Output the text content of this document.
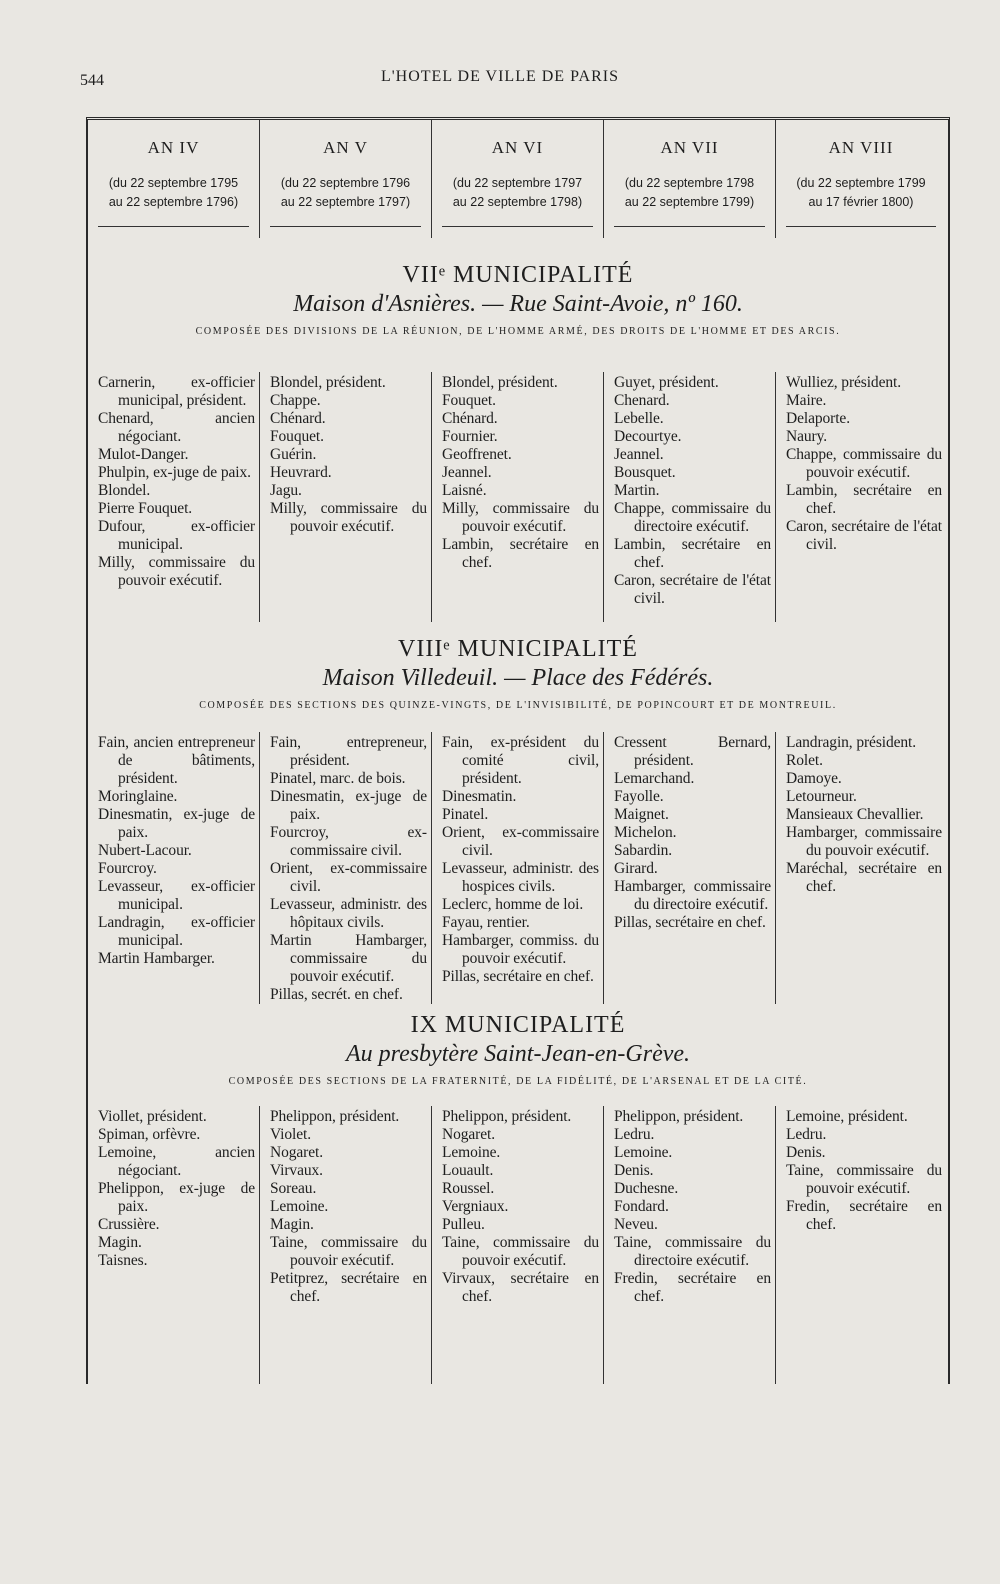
544	L'HOTEL DE VILLE DE PARIS
AN IV
(du 22 septembre 1795
au 22 septembre 1796)
AN V
(du 22 septembre 1796
au 22 septembre 1797)
AN VI
(du 22 septembre 1797
au 22 septembre 1798)
AN VII
(du 22 septembre 1798
au 22 septembre 1799)
AN VIII
(du 22 septembre 1799
au 17 février 1800)
VIIᵉ MUNICIPALITÉ
Maison d'Asnières. — Rue Saint-Avoie, nº 160.
COMPOSÉE DES DIVISIONS DE LA RÉUNION, DE L'HOMME ARMÉ, DES DROITS DE L'HOMME ET DES ARCIS.
Carnerin, ex-officier municipal, président.
Chenard, ancien négociant.
Mulot-Danger.
Phulpin, ex-juge de paix.
Blondel.
Pierre Fouquet.
Dufour, ex-officier municipal.
Milly, commissaire du pouvoir exécutif.
Blondel, président.
Chappe.
Chénard.
Fouquet.
Guérin.
Heuvrard.
Jagu.
Milly, commissaire du pouvoir exécutif.
Blondel, président.
Fouquet.
Chénard.
Fournier.
Geoffrenet.
Jeannel.
Laisné.
Milly, commissaire du pouvoir exécutif.
Lambin, secrétaire en chef.
Guyet, président.
Chenard.
Lebelle.
Decourtye.
Jeannel.
Bousquet.
Martin.
Chappe, commissaire du directoire exécutif.
Lambin, secrétaire en chef.
Caron, secrétaire de l'état civil.
Wulliez, président.
Maire.
Delaporte.
Naury.
Chappe, commissaire du pouvoir exécutif.
Lambin, secrétaire en chef.
Caron, secrétaire de l'état civil.
VIIIᵉ MUNICIPALITÉ
Maison Villedeuil. — Place des Fédérés.
COMPOSÉE DES SECTIONS DES QUINZE-VINGTS, DE L'INVISIBILITÉ, DE POPINCOURT ET DE MONTREUIL.
Fain, ancien entrepreneur de bâtiments, président.
Moringlaine.
Dinesmatin, ex-juge de paix.
Nubert-Lacour.
Fourcroy.
Levasseur, ex-officier municipal.
Landragin, ex-officier municipal.
Martin Hambarger.
Fain, entrepreneur, président.
Pinatel, marc. de bois.
Dinesmatin, ex-juge de paix.
Fourcroy, ex-commissaire civil.
Orient, ex-commissaire civil.
Levasseur, administr. des hôpitaux civils.
Martin Hambarger, commissaire du pouvoir exécutif.
Pillas, secrét. en chef.
Fain, ex-président du comité civil, président.
Dinesmatin.
Pinatel.
Orient, ex-commissaire civil.
Levasseur, administr. des hospices civils.
Leclerc, homme de loi.
Fayau, rentier.
Hambarger, commiss. du pouvoir exécutif.
Pillas, secrétaire en chef.
Cressent Bernard, président.
Lemarchand.
Fayolle.
Maignet.
Michelon.
Sabardin.
Girard.
Hambarger, commissaire du directoire exécutif.
Pillas, secrétaire en chef.
Landragin, président.
Rolet.
Damoye.
Letourneur.
Mansieaux Chevallier.
Hambarger, commissaire du pouvoir exécutif.
Maréchal, secrétaire en chef.
IX MUNICIPALITÉ
Au presbytère Saint-Jean-en-Grève.
COMPOSÉE DES SECTIONS DE LA FRATERNITÉ, DE LA FIDÉLITÉ, DE L'ARSENAL ET DE LA CITÉ.
Viollet, président.
Spiman, orfèvre.
Lemoine, ancien négociant.
Phelippon, ex-juge de paix.
Crussière.
Magin.
Taisnes.
Phelippon, président.
Violet.
Nogaret.
Virvaux.
Soreau.
Lemoine.
Magin.
Taine, commissaire du pouvoir exécutif.
Petitprez, secrétaire en chef.
Phelippon, président.
Nogaret.
Lemoine.
Louault.
Roussel.
Vergniaux.
Pulleu.
Taine, commissaire du pouvoir exécutif.
Virvaux, secrétaire en chef.
Phelippon, président.
Ledru.
Lemoine.
Denis.
Duchesne.
Fondard.
Neveu.
Taine, commissaire du directoire exécutif.
Fredin, secrétaire en chef.
Lemoine, président.
Ledru.
Denis.
Taine, commissaire du pouvoir exécutif.
Fredin, secrétaire en chef.
